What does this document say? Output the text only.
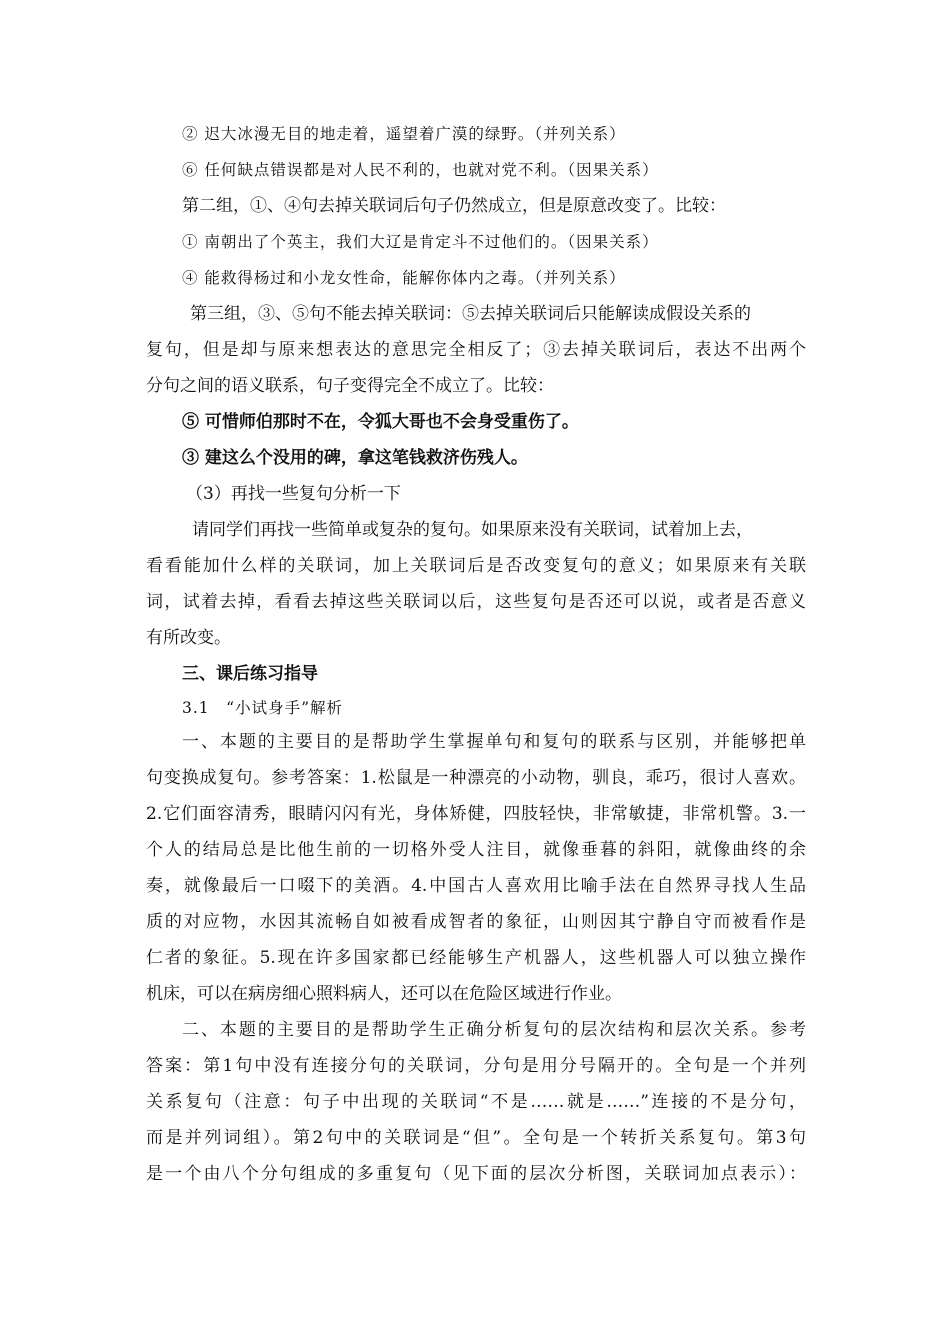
② 迟大冰漫无目的地走着，遥望着广漠的绿野。（并列关系）
⑥ 任何缺点错误都是对人民不利的，也就对党不利。（因果关系）
第二组，①、④句去掉关联词后句子仍然成立，但是原意改变了。比较：
① 南朝出了个英主，我们大辽是肯定斗不过他们的。（因果关系）
④ 能救得杨过和小龙女性命，能解你体内之毒。（并列关系）
第三组，③、⑤句不能去掉关联词：⑤去掉关联词后只能解读成假设关系的
复句，但是却与原来想表达的意思完全相反了；③去掉关联词后，表达不出两个
分句之间的语义联系，句子变得完全不成立了。比较：
⑤ 可惜师伯那时不在，令狐大哥也不会身受重伤了。
③ 建这么个没用的碑，拿这笔钱救济伤残人。
（3）再找一些复句分析一下
请同学们再找一些简单或复杂的复句。如果原来没有关联词，试着加上去，
看看能加什么样的关联词，加上关联词后是否改变复句的意义；如果原来有关联
词，试着去掉，看看去掉这些关联词以后，这些复句是否还可以说，或者是否意义
有所改变。
三、课后练习指导
3.1　“小试身手”解析
一、本题的主要目的是帮助学生掌握单句和复句的联系与区别，并能够把单
句变换成复句。参考答案：1.松鼠是一种漂亮的小动物，驯良，乖巧，很讨人喜欢。
2.它们面容清秀，眼睛闪闪有光，身体矫健，四肢轻快，非常敏捷，非常机警。3.一
个人的结局总是比他生前的一切格外受人注目，就像垂暮的斜阳，就像曲终的余
奏，就像最后一口啜下的美酒。4.中国古人喜欢用比喻手法在自然界寻找人生品
质的对应物，水因其流畅自如被看成智者的象征，山则因其宁静自守而被看作是
仁者的象征。5.现在许多国家都已经能够生产机器人，这些机器人可以独立操作
机床，可以在病房细心照料病人，还可以在危险区域进行作业。
二、本题的主要目的是帮助学生正确分析复句的层次结构和层次关系。参考
答案：第1句中没有连接分句的关联词，分句是用分号隔开的。全句是一个并列
关系复句（注意：句子中出现的关联词“不是……就是……”连接的不是分句，
而是并列词组）。第2句中的关联词是“但”。全句是一个转折关系复句。第3句
是一个由八个分句组成的多重复句（见下面的层次分析图，关联词加点表示）：
